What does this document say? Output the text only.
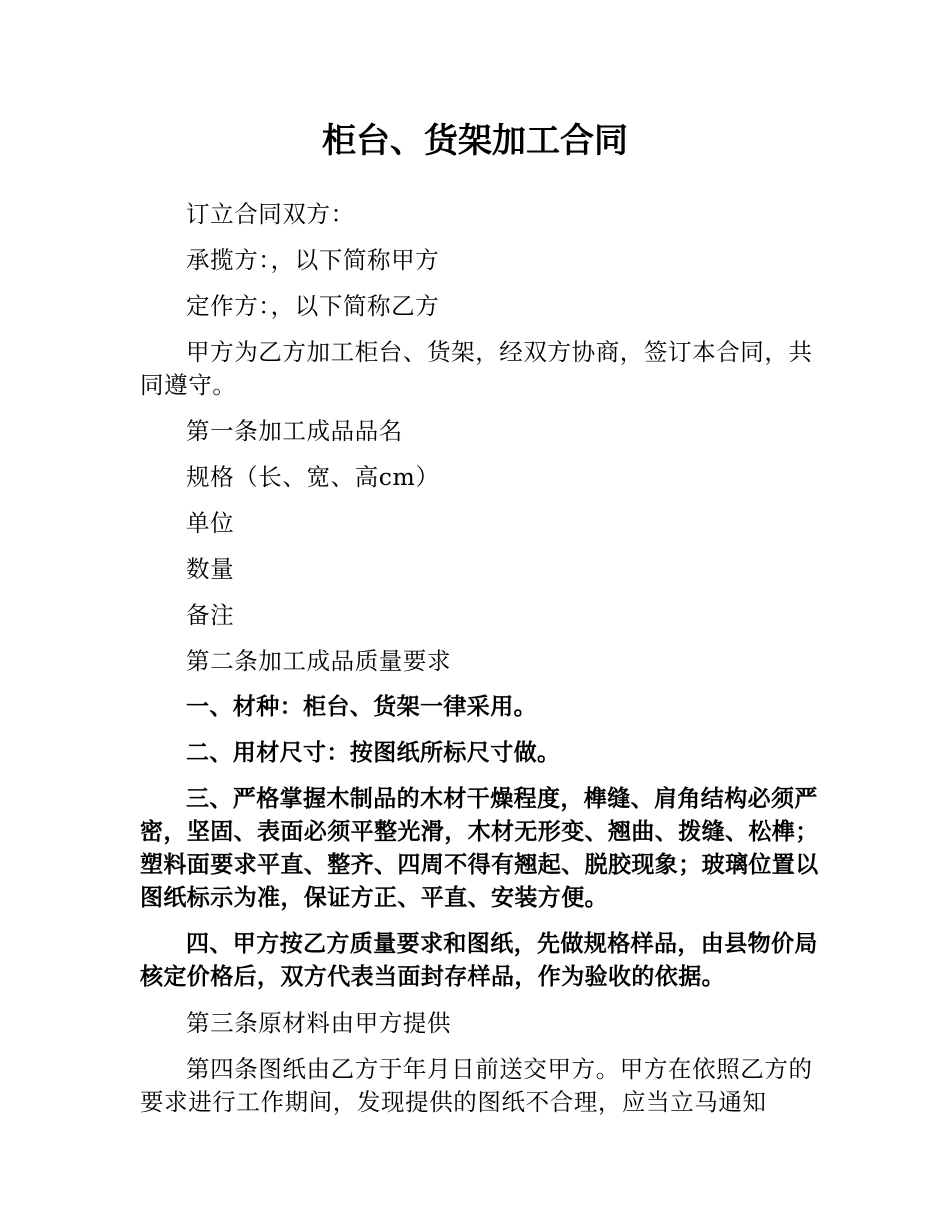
柜台、货架加工合同

订立合同双方：

承揽方：，以下简称甲方

定作方：，以下简称乙方

甲方为乙方加工柜台、货架，经双方协商，签订本合同，共同遵守。

第一条加工成品品名

规格（长、宽、高cm）

单位

数量

备注

第二条加工成品质量要求

一、材种：柜台、货架一律采用。

二、用材尺寸：按图纸所标尺寸做。

三、严格掌握木制品的木材干燥程度，榫缝、肩角结构必须严密，坚固、表面必须平整光滑，木材无形变、翘曲、拨缝、松榫；塑料面要求平直、整齐、四周不得有翘起、脱胶现象；玻璃位置以图纸标示为准，保证方正、平直、安装方便。

四、甲方按乙方质量要求和图纸，先做规格样品，由县物价局核定价格后，双方代表当面封存样品，作为验收的依据。

第三条原材料由甲方提供

第四条图纸由乙方于年月日前送交甲方。甲方在依照乙方的要求进行工作期间，发现提供的图纸不合理，应当立马通知
